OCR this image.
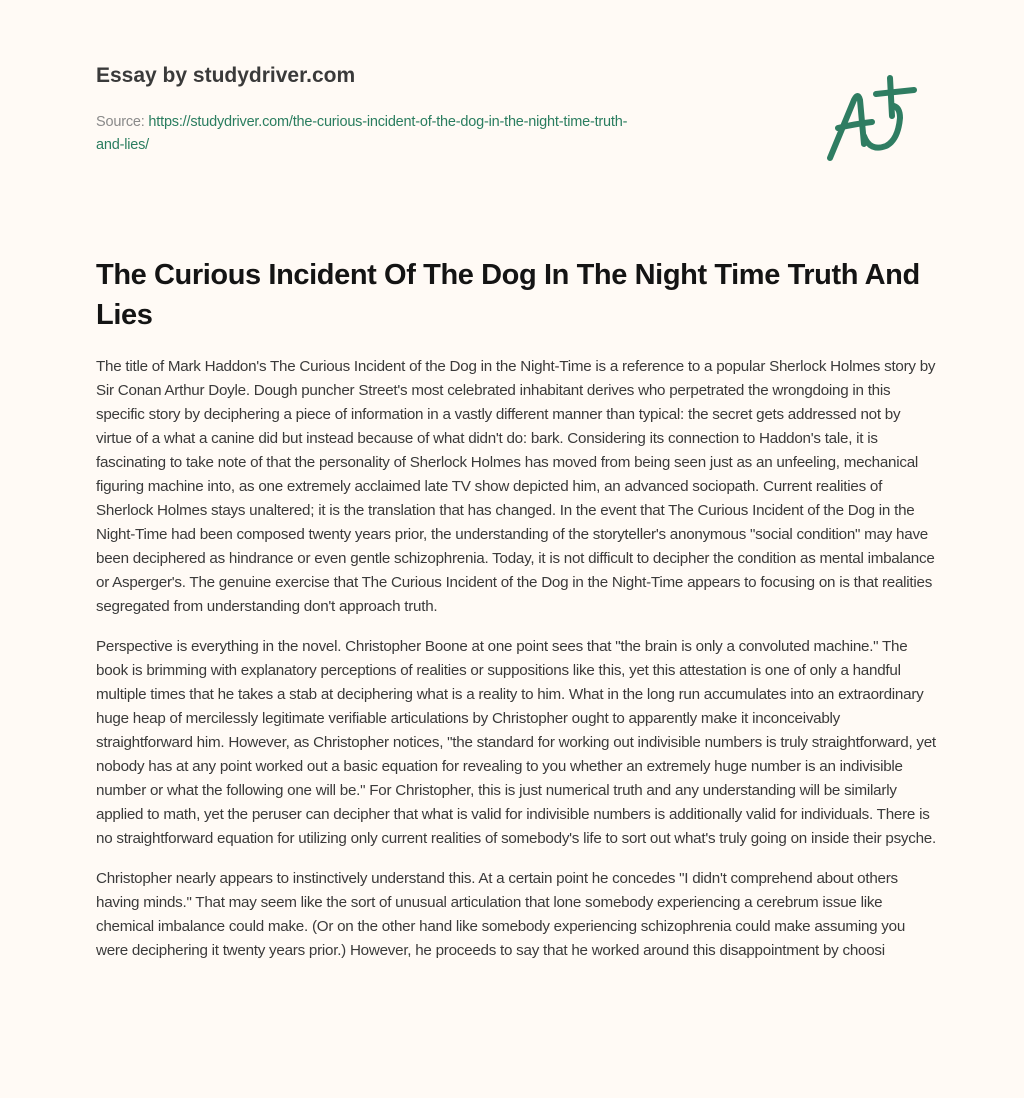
Essay by studydriver.com
Source: https://studydriver.com/the-curious-incident-of-the-dog-in-the-night-time-truth-
and-lies/
The Curious Incident Of The Dog In The Night Time Truth And Lies

The title of Mark Haddon's The Curious Incident of the Dog in the Night-Time is a reference to a popular Sherlock Holmes story by Sir Conan Arthur Doyle. Dough puncher Street's most celebrated inhabitant derives who perpetrated the wrongdoing in this specific story by deciphering a piece of information in a vastly different manner than typical: the secret gets addressed not by virtue of a what a canine did but instead because of what didn't do: bark. Considering its connection to Haddon's tale, it is fascinating to take note of that the personality of Sherlock Holmes has moved from being seen just as an unfeeling, mechanical figuring machine into, as one extremely acclaimed late TV show depicted him, an advanced sociopath. Current realities of Sherlock Holmes stays unaltered; it is the translation that has changed. In the event that The Curious Incident of the Dog in the Night-Time had been composed twenty years prior, the understanding of the storyteller's anonymous "social condition" may have been deciphered as hindrance or even gentle schizophrenia. Today, it is not difficult to decipher the condition as mental imbalance or Asperger's. The genuine exercise that The Curious Incident of the Dog in the Night-Time appears to focusing on is that realities segregated from understanding don't approach truth.

Perspective is everything in the novel. Christopher Boone at one point sees that "the brain is only a convoluted machine." The book is brimming with explanatory perceptions of realities or suppositions like this, yet this attestation is one of only a handful multiple times that he takes a stab at deciphering what is a reality to him. What in the long run accumulates into an extraordinary huge heap of mercilessly legitimate verifiable articulations by Christopher ought to apparently make it inconceivably straightforward him. However, as Christopher notices, "the standard for working out indivisible numbers is truly straightforward, yet nobody has at any point worked out a basic equation for revealing to you whether an extremely huge number is an indivisible number or what the following one will be." For Christopher, this is just numerical truth and any understanding will be similarly applied to math, yet the peruser can decipher that what is valid for indivisible numbers is additionally valid for individuals. There is no straightforward equation for utilizing only current realities of somebody's life to sort out what's truly going on inside their psyche.

Christopher nearly appears to instinctively understand this. At a certain point he concedes "I didn't comprehend about others having minds." That may seem like the sort of unusual articulation that lone somebody experiencing a cerebrum issue like chemical imbalance could make. (Or on the other hand like somebody experiencing schizophrenia could make assuming you were deciphering it twenty years prior.) However, he proceeds to say that he worked around this disappointment by choosi
